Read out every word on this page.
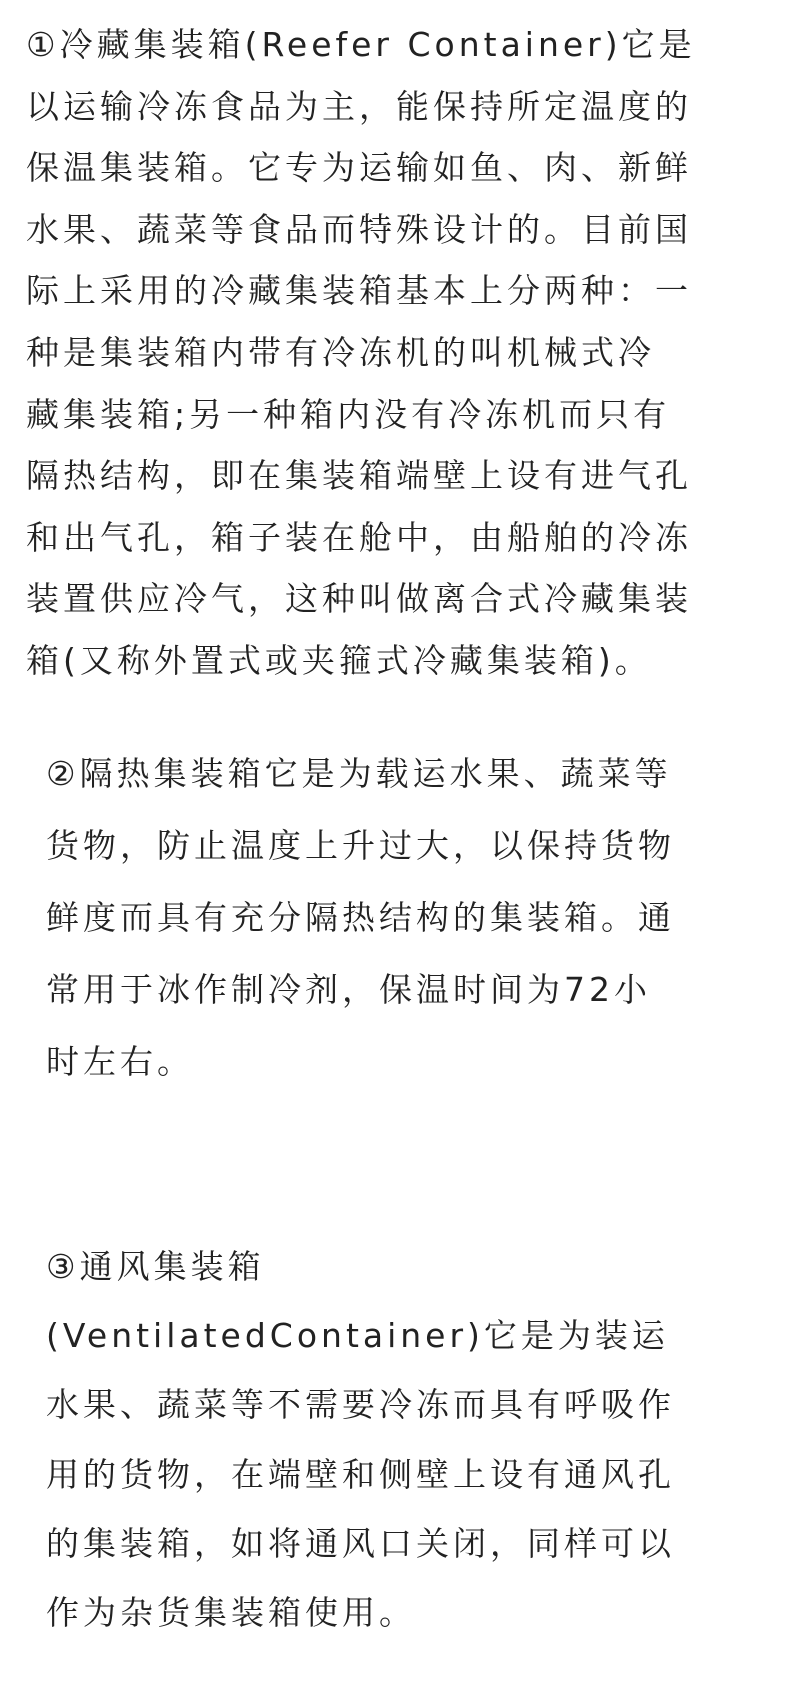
①冷藏集装箱(Reefer Container)它是
以运输冷冻食品为主，能保持所定温度的
保温集装箱。它专为运输如鱼、肉、新鲜
水果、蔬菜等食品而特殊设计的。目前国
际上采用的冷藏集装箱基本上分两种：一
种是集装箱内带有冷冻机的叫机械式冷
藏集装箱;另一种箱内没有冷冻机而只有
隔热结构，即在集装箱端壁上设有进气孔
和出气孔，箱子装在舱中，由船舶的冷冻
装置供应冷气，这种叫做离合式冷藏集装
箱(又称外置式或夹箍式冷藏集装箱)。

②隔热集装箱它是为载运水果、蔬菜等
货物，防止温度上升过大，以保持货物
鲜度而具有充分隔热结构的集装箱。通
常用于冰作制冷剂，保温时间为72小
时左右。

③通风集装箱
(VentilatedContainer)它是为装运
水果、蔬菜等不需要冷冻而具有呼吸作
用的货物，在端壁和侧壁上设有通风孔
的集装箱，如将通风口关闭，同样可以
作为杂货集装箱使用。
